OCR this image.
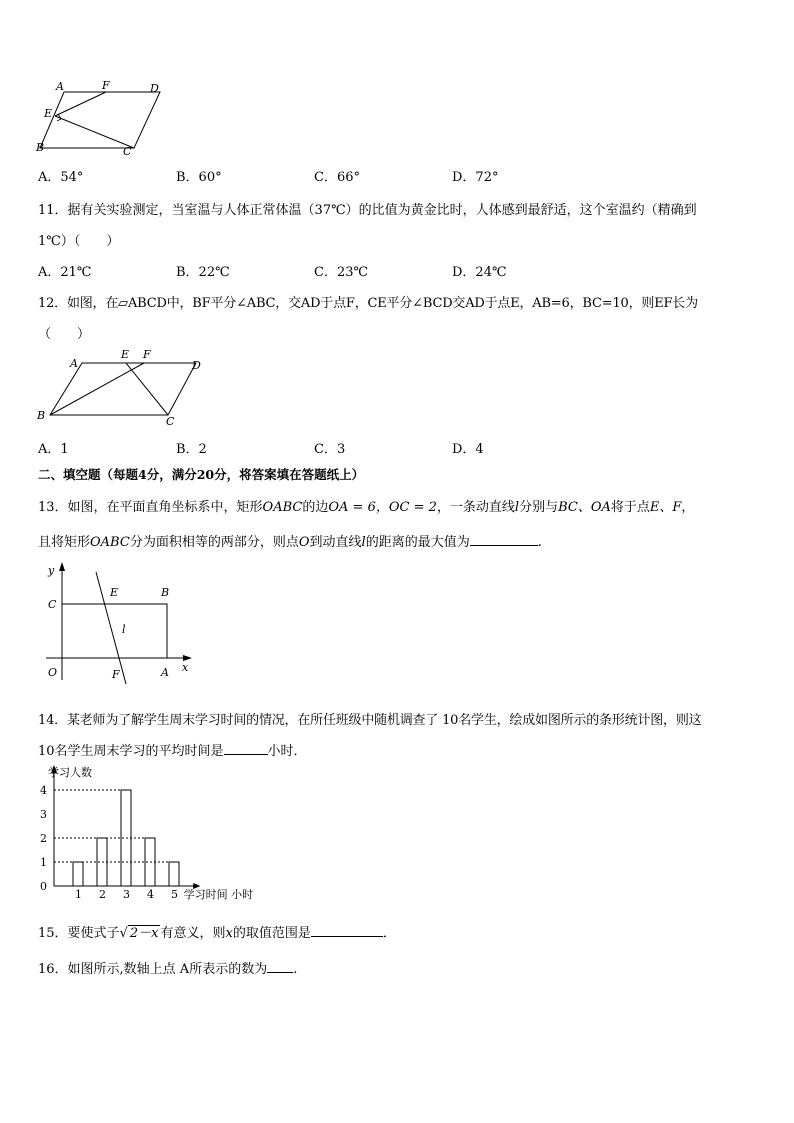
A	F	D
E
B	C
A．54°	B．60°	C．66°	D．72°
11．据有关实验测定，当室温与人体正常体温（37℃）的比值为黄金比时，人体感到最舒适，这个室温约（精确到
1℃）（　　）
A．21℃	B．22℃	C．23℃	D．24℃
12．如图，在▱ABCD中，BF平分∠ABC，交AD于点F，CE平分∠BCD交AD于点E，AB=6，BC=10，则EF长为
（　　）
A
E F
D
B	C
A．1	B．2	C．3	D．4
二、填空题（每题4分，满分20分，将答案填在答题纸上）
13．如图，在平面直角坐标系中，矩形OABC的边OA = 6，OC = 2，一条动直线l分别与BC、OA将于点E、F，
且将矩形OABC分为面积相等的两部分，则点O到动直线l的距离的最大值为	.
y
x
C
E	B
l
O	F	A
14．某老师为了解学生周末学习时间的情况，在所任班级中随机调查了 10名学生，绘成如图所示的条形统计图，则这
10名学生周末学习的平均时间是	小时．
学习人数
学习时间 小时
0
1
2
3
4
1 2 3 4 5
15．要使式子√ 2－x 有意义，则x的取值范围是	．
16．如图所示,数轴上点 A所表示的数为 .
